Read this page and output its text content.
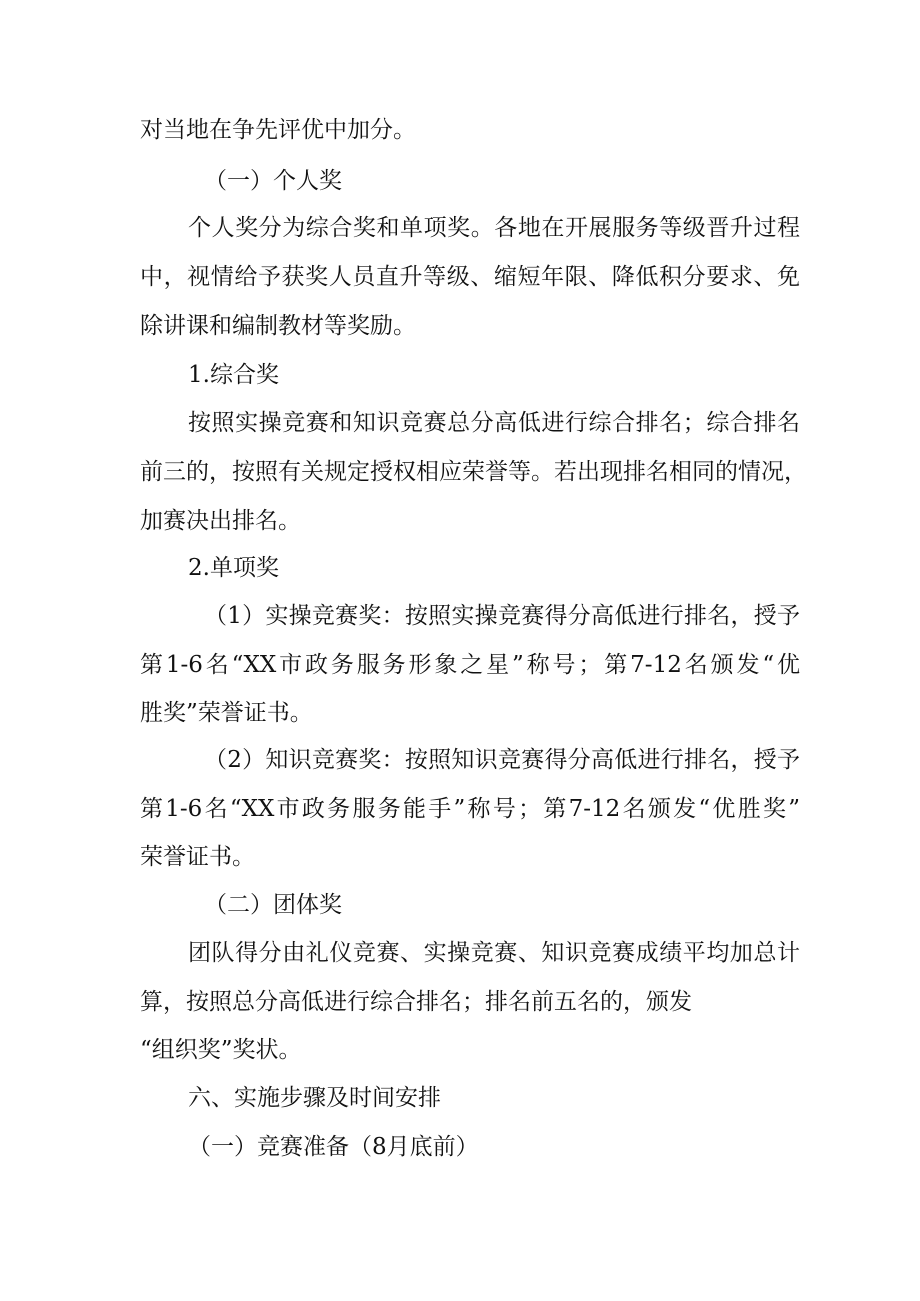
对当地在争先评优中加分。
（一）个人奖
个人奖分为综合奖和单项奖。各地在开展服务等级晋升过程
中，视情给予获奖人员直升等级、缩短年限、降低积分要求、免
除讲课和编制教材等奖励。
1.综合奖
按照实操竞赛和知识竞赛总分高低进行综合排名；综合排名
前三的，按照有关规定授权相应荣誉等。若出现排名相同的情况，
加赛决出排名。
2.单项奖
（1）实操竞赛奖：按照实操竞赛得分高低进行排名，授予
第1-6名“XX市政务服务形象之星”称号；第7-12名颁发“优
胜奖”荣誉证书。
（2）知识竞赛奖：按照知识竞赛得分高低进行排名，授予
第1-6名“XX市政务服务能手”称号；第7-12名颁发“优胜奖”
荣誉证书。
（二）团体奖
团队得分由礼仪竞赛、实操竞赛、知识竞赛成绩平均加总计
算，按照总分高低进行综合排名；排名前五名的，颁发
“组织奖”奖状。
六、实施步骤及时间安排
（一）竞赛准备（8月底前）
